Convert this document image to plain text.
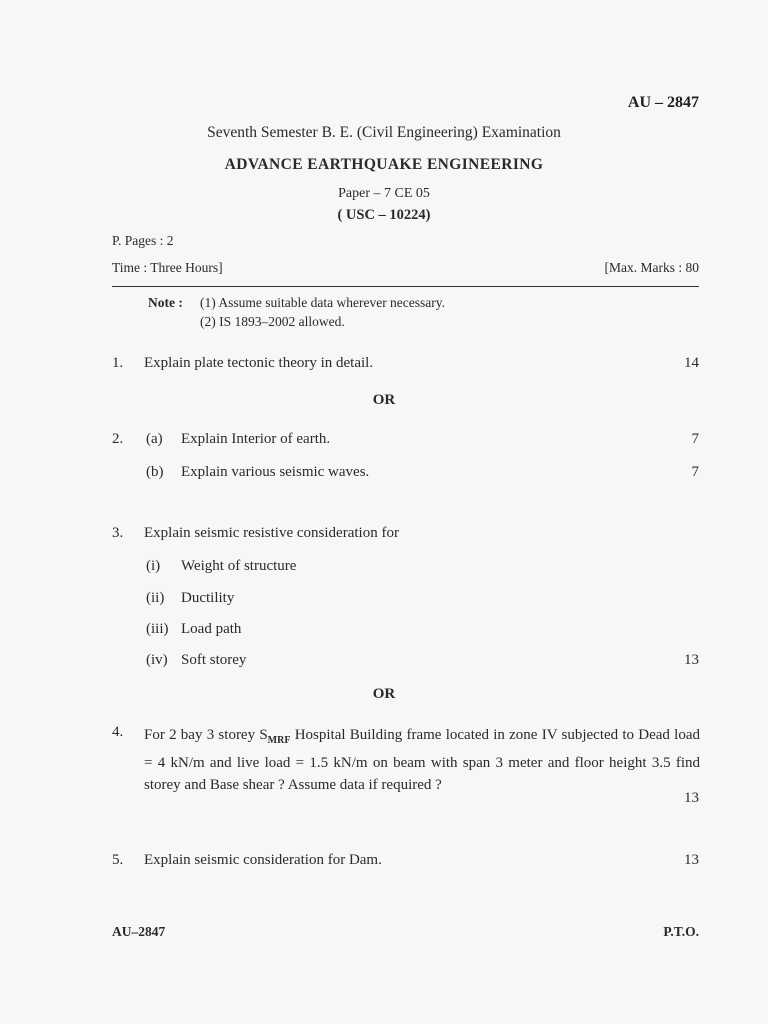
AU – 2847
Seventh Semester B. E. (Civil Engineering) Examination
ADVANCE EARTHQUAKE ENGINEERING
Paper – 7 CE 05
( USC – 10224)
P. Pages : 2
Time : Three Hours]	[Max. Marks : 80
Note : (1) Assume suitable data wherever necessary.
(2) IS 1893–2002 allowed.
1. Explain plate tectonic theory in detail.	14
OR
2. (a) Explain Interior of earth.	7
(b) Explain various seismic waves.	7
3. Explain seismic resistive consideration for
(i) Weight of structure
(ii) Ductility
(iii) Load path
(iv) Soft storey	13
OR
4. For 2 bay 3 storey $S_{MRF}$ Hospital Building frame located in zone IV subjected to Dead load = 4 kN/m and live load = 1.5 kN/m on beam with span 3 meter and floor height 3.5 find storey and Base shear ? Assume data if required ?
13
5. Explain seismic consideration for Dam.	13
AU–2847	P.T.O.
